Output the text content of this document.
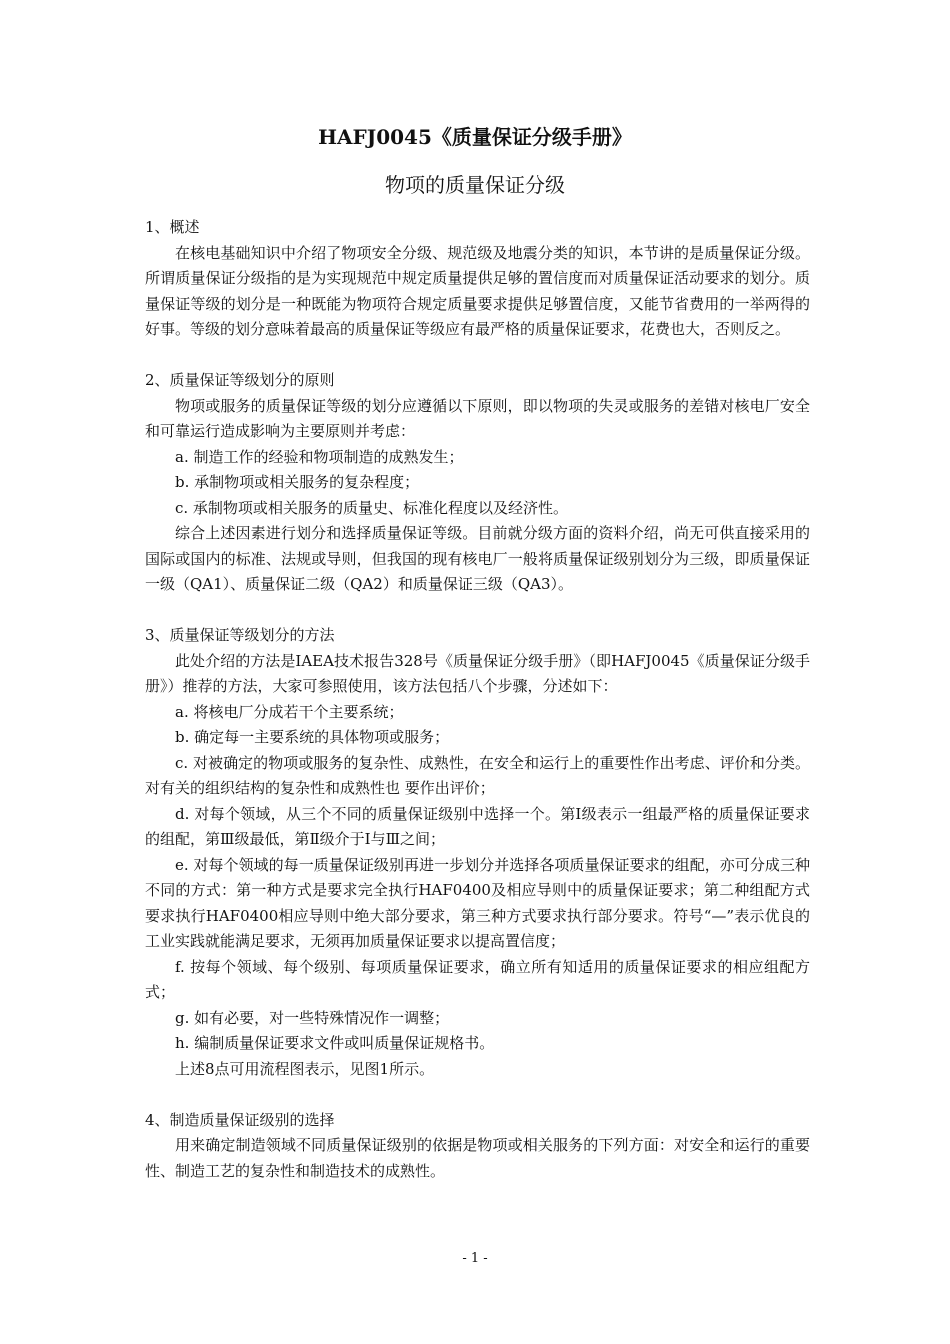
HAFJ0045《质量保证分级手册》
物项的质量保证分级

1、概述

在核电基础知识中介绍了物项安全分级、规范级及地震分类的知识，本节讲的是质量保证分级。所谓质量保证分级指的是为实现规范中规定质量提供足够的置信度而对质量保证活动要求的划分。质量保证等级的划分是一种既能为物项符合规定质量要求提供足够置信度，又能节省费用的一举两得的好事。等级的划分意味着最高的质量保证等级应有最严格的质量保证要求，花费也大，否则反之。

2、质量保证等级划分的原则

物项或服务的质量保证等级的划分应遵循以下原则，即以物项的失灵或服务的差错对核电厂安全和可靠运行造成影响为主要原则并考虑：

a. 制造工作的经验和物项制造的成熟发生；

b. 承制物项或相关服务的复杂程度；

c. 承制物项或相关服务的质量史、标准化程度以及经济性。

综合上述因素进行划分和选择质量保证等级。目前就分级方面的资料介绍，尚无可供直接采用的国际或国内的标准、法规或导则，但我国的现有核电厂一般将质量保证级别划分为三级，即质量保证一级（QA1）、质量保证二级（QA2）和质量保证三级（QA3）。

3、质量保证等级划分的方法

此处介绍的方法是IAEA技术报告328号《质量保证分级手册》（即HAFJ0045《质量保证分级手册》）推荐的方法，大家可参照使用，该方法包括八个步骤，分述如下：

a. 将核电厂分成若干个主要系统；

b. 确定每一主要系统的具体物项或服务；

c. 对被确定的物项或服务的复杂性、成熟性，在安全和运行上的重要性作出考虑、评价和分类。对有关的组织结构的复杂性和成熟性也 要作出评价；

d. 对每个领域，从三个不同的质量保证级别中选择一个。第Ⅰ级表示一组最严格的质量保证要求的组配，第Ⅲ级最低，第Ⅱ级介于Ⅰ与Ⅲ之间；

e. 对每个领域的每一质量保证级别再进一步划分并选择各项质量保证要求的组配，亦可分成三种不同的方式：第一种方式是要求完全执行HAF0400及相应导则中的质量保证要求；第二种组配方式要求执行HAF0400相应导则中绝大部分要求，第三种方式要求执行部分要求。符号“—”表示优良的工业实践就能满足要求，无须再加质量保证要求以提高置信度；

f. 按每个领域、每个级别、每项质量保证要求，确立所有知适用的质量保证要求的相应组配方式；

g. 如有必要，对一些特殊情况作一调整；

h. 编制质量保证要求文件或叫质量保证规格书。

上述8点可用流程图表示，见图1所示。

4、制造质量保证级别的选择

用来确定制造领域不同质量保证级别的依据是物项或相关服务的下列方面：对安全和运行的重要性、制造工艺的复杂性和制造技术的成熟性。

- 1 -
